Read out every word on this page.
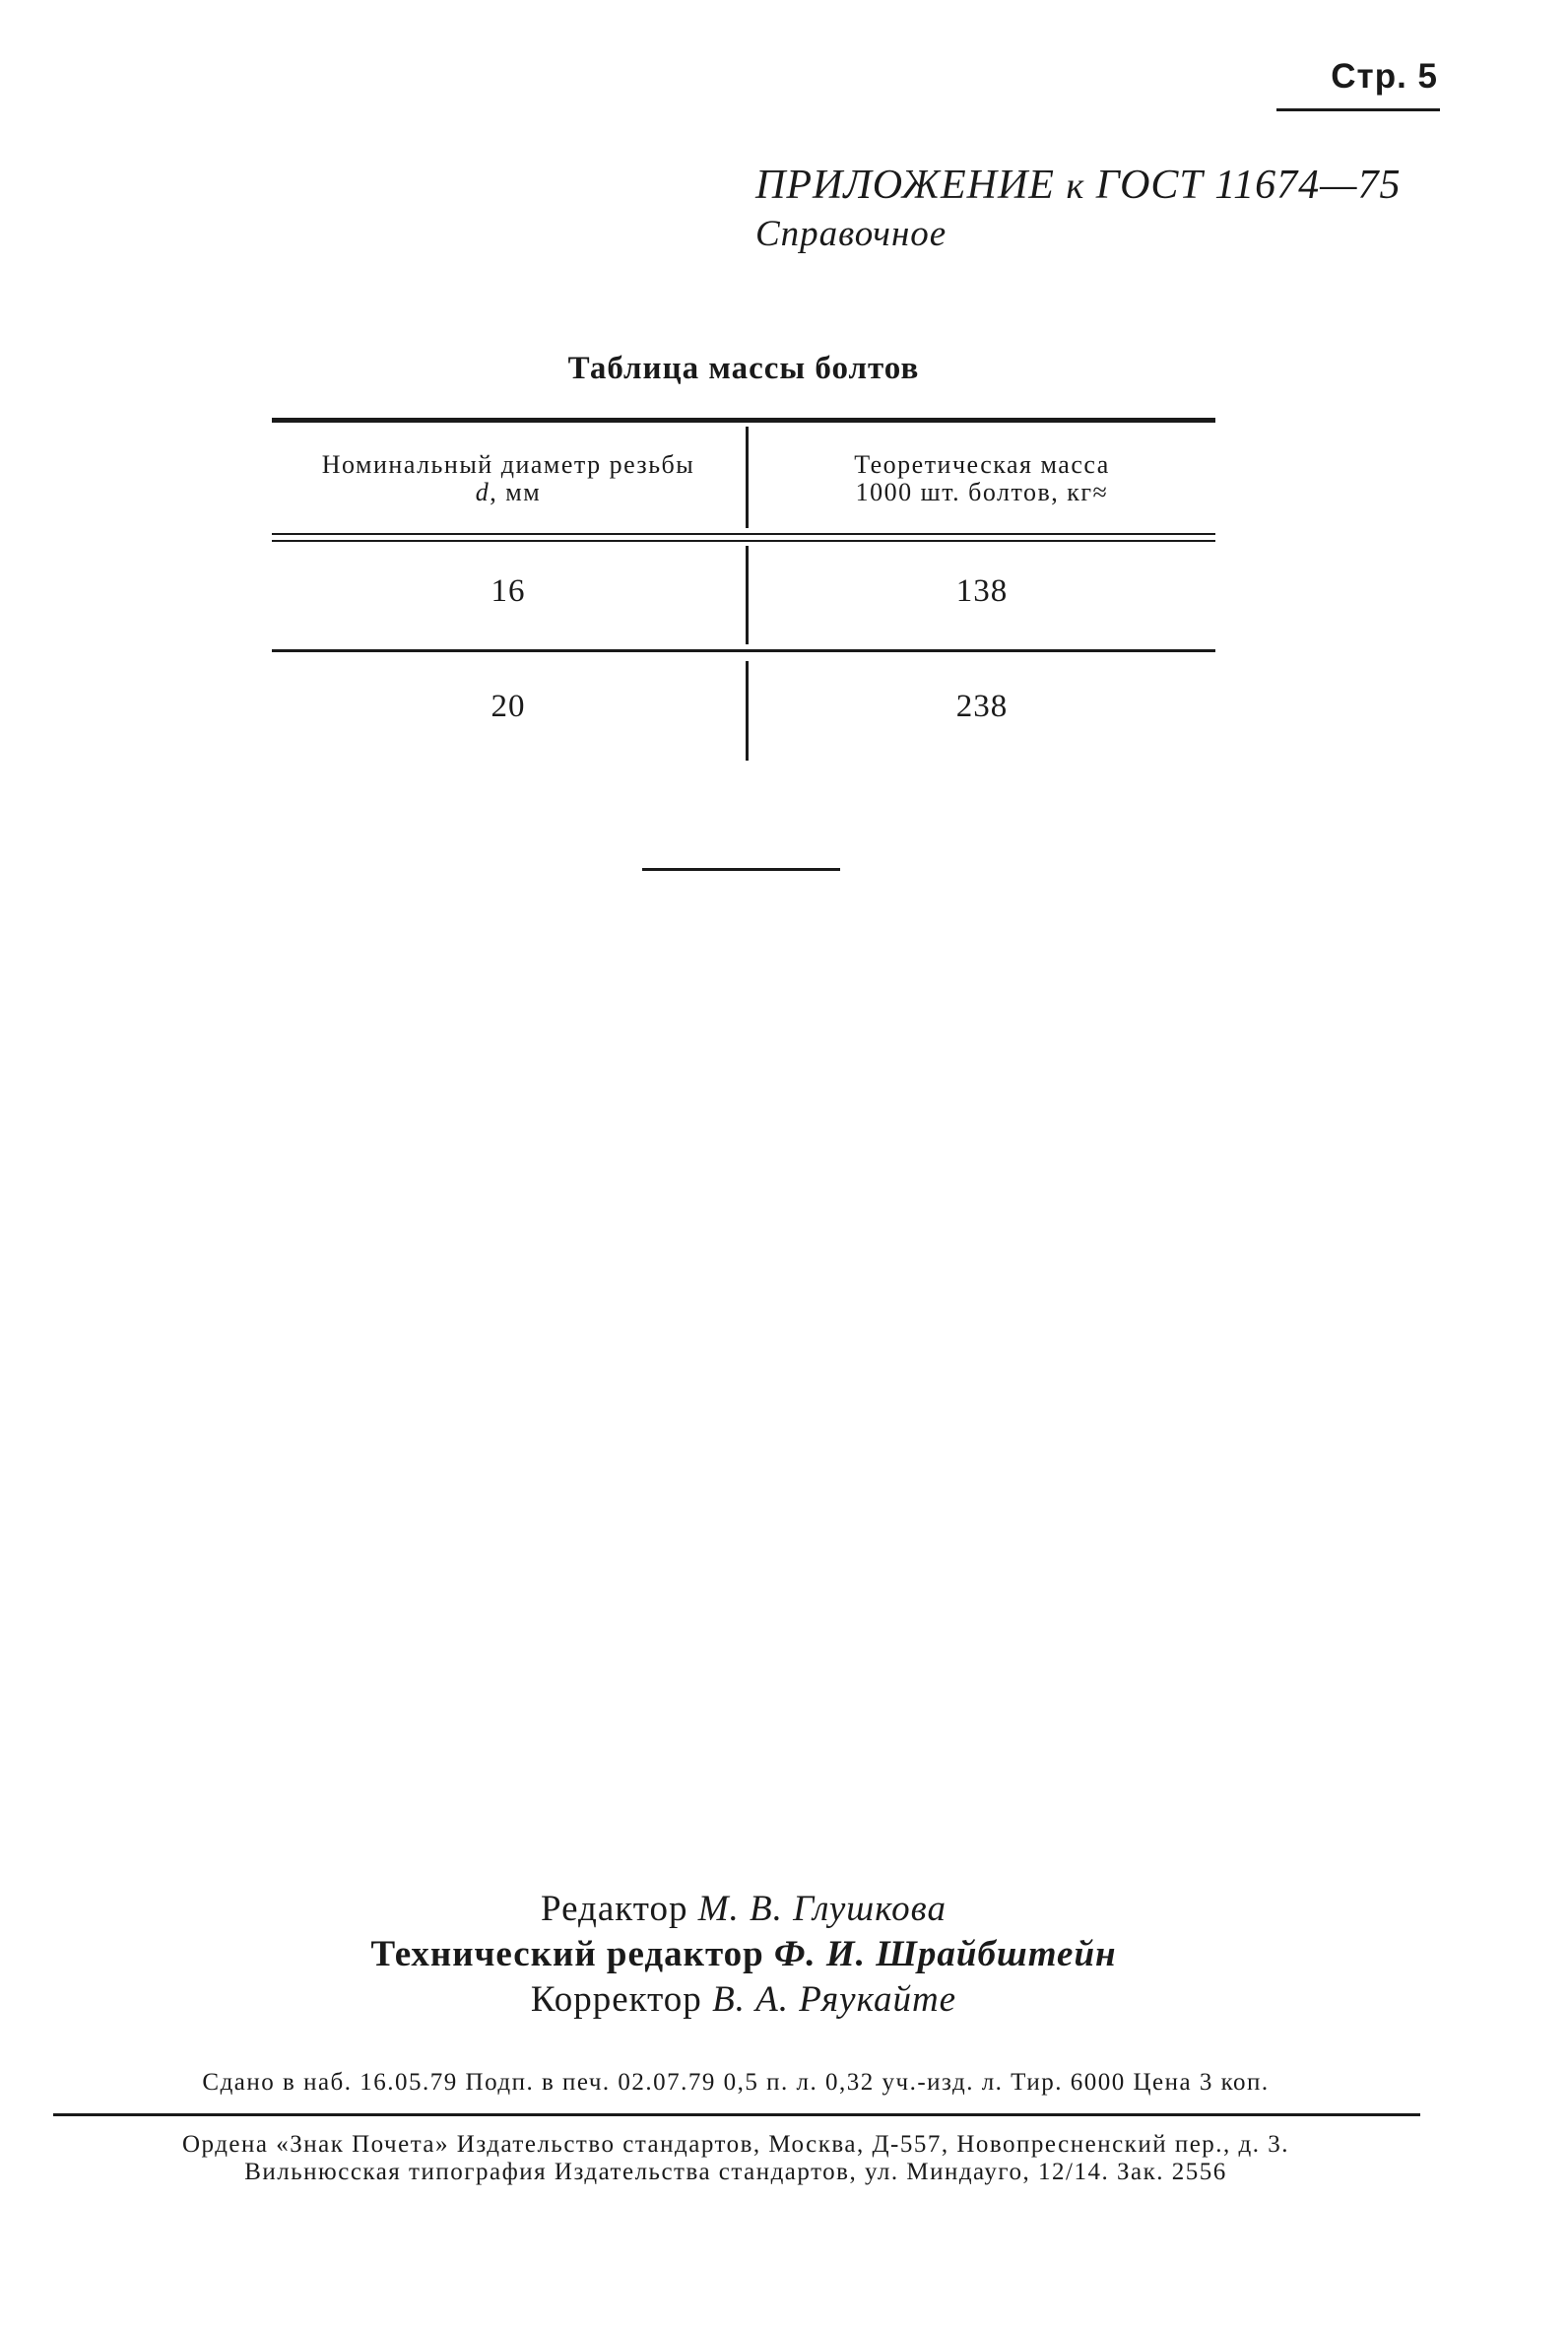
Стр. 5
ПРИЛОЖЕНИЕ к ГОСТ 11674—75
Справочное
Таблица массы болтов
Номинальный диаметр резьбы
d, мм
Теоретическая масса
1000 шт. болтов, кг≈
16	138
20	238
Редактор М. В. Глушкова
Технический редактор Ф. И. Шрайбштейн
Корректор В. А. Ряукайте
Сдано в наб. 16.05.79 Подп. в печ. 02.07.79 0,5 п. л. 0,32 уч.-изд. л. Тир. 6000 Цена 3 коп.
Ордена «Знак Почета» Издательство стандартов, Москва, Д-557, Новопресненский пер., д. 3.
Вильнюсская типография Издательства стандартов, ул. Миндауго, 12/14. Зак. 2556
